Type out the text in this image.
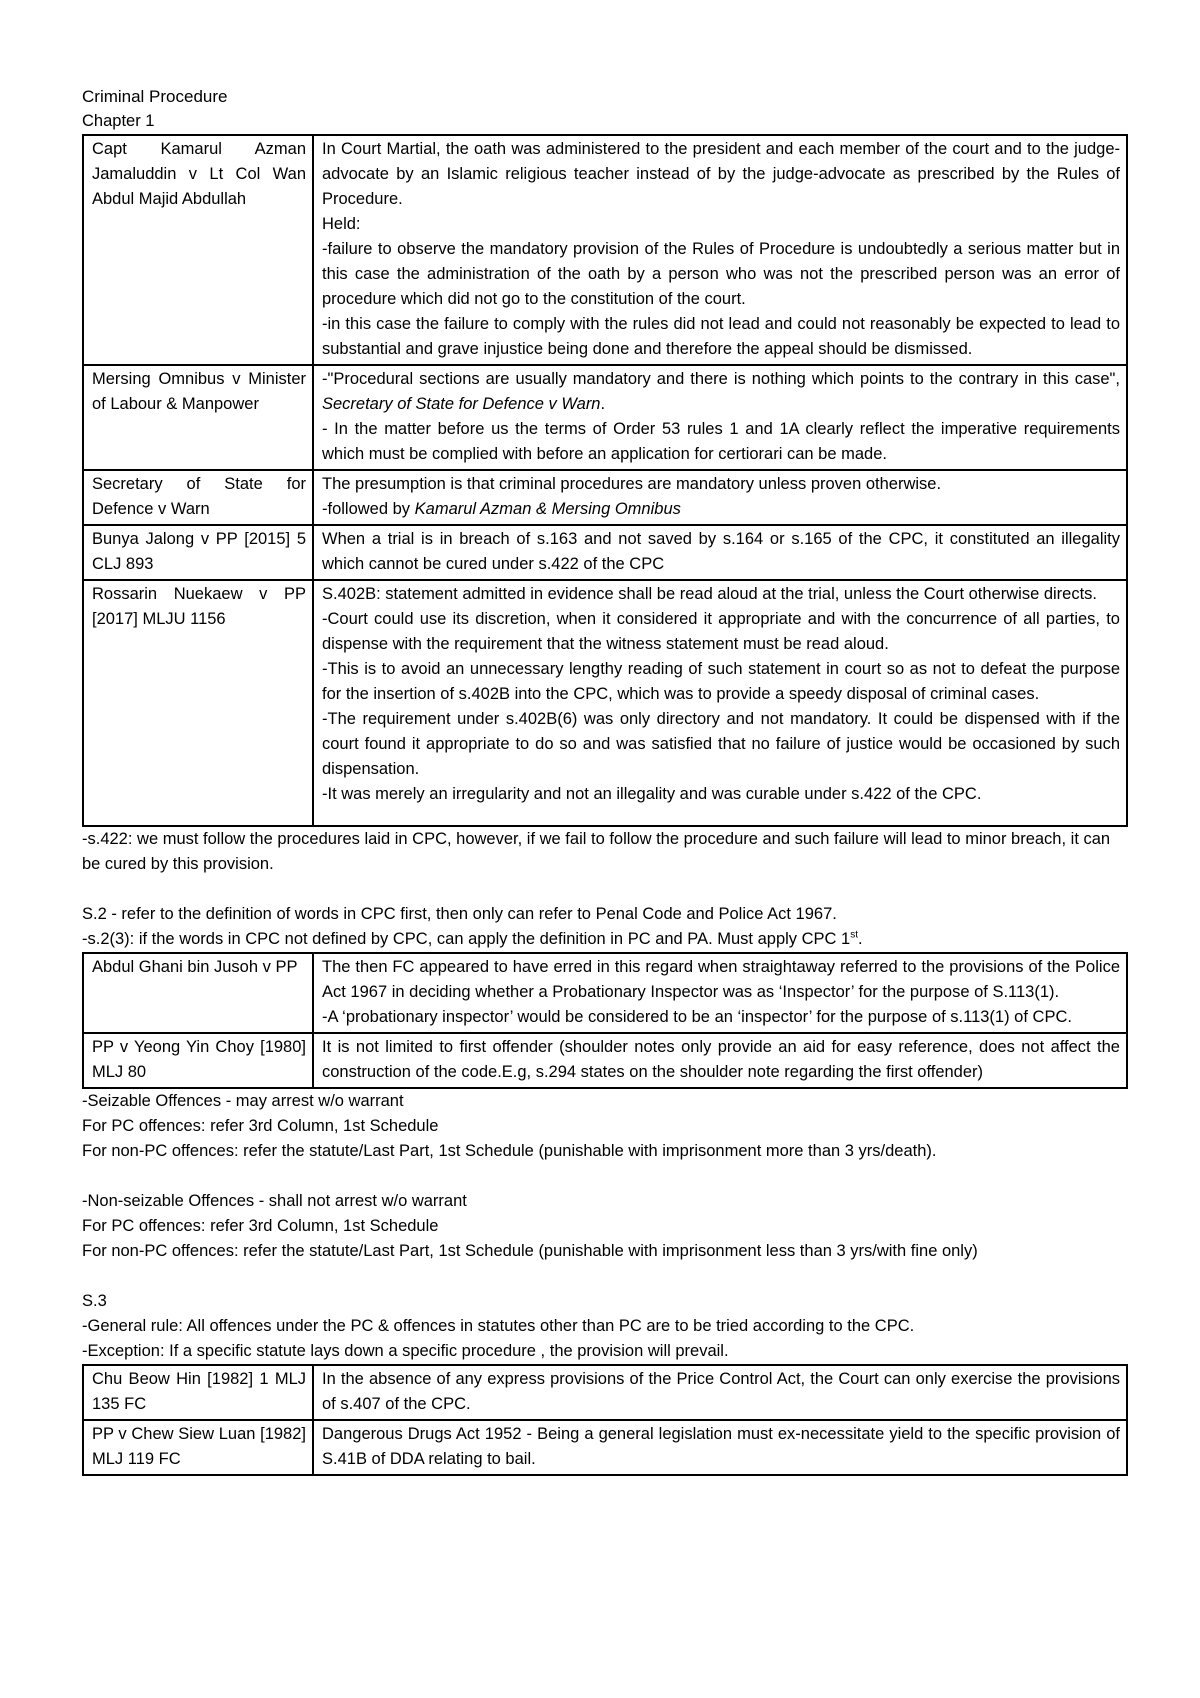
Criminal Procedure

Chapter 1

Capt Kamarul Azman Jamaluddin v Lt Col Wan Abdul Majid Abdullah	In Court Martial, the oath was administered to the president and each member of the court and to the judge-advocate by an Islamic religious teacher instead of by the judge-advocate as prescribed by the Rules of Procedure.

Held:

-failure to observe the mandatory provision of the Rules of Procedure is undoubtedly a serious matter but in this case the administration of the oath by a person who was not the prescribed person was an error of procedure which did not go to the constitution of the court.

-in this case the failure to comply with the rules did not lead and could not reasonably be expected to lead to substantial and grave injustice being done and therefore the appeal should be dismissed.

Mersing Omnibus v Minister of Labour & Manpower	-"Procedural sections are usually mandatory and there is nothing which points to the contrary in this case", Secretary of State for Defence v Warn.

- In the matter before us the terms of Order 53 rules 1 and 1A clearly reflect the imperative requirements which must be complied with before an application for certiorari can be made.

Secretary of State for Defence v Warn	The presumption is that criminal procedures are mandatory unless proven otherwise.

-followed by Kamarul Azman & Mersing Omnibus

Bunya Jalong v PP [2015] 5 CLJ 893	When a trial is in breach of s.163 and not saved by s.164 or s.165 of the CPC, it constituted an illegality which cannot be cured under s.422 of the CPC

Rossarin Nuekaew v PP [2017] MLJU 1156	S.402B: statement admitted in evidence shall be read aloud at the trial, unless the Court otherwise directs.

-Court could use its discretion, when it considered it appropriate and with the concurrence of all parties, to dispense with the requirement that the witness statement must be read aloud.

-This is to avoid an unnecessary lengthy reading of such statement in court so as not to defeat the purpose for the insertion of s.402B into the CPC, which was to provide a speedy disposal of criminal cases.

-The requirement under s.402B(6) was only directory and not mandatory. It could be dispensed with if the court found it appropriate to do so and was satisfied that no failure of justice would be occasioned by such dispensation.

-It was merely an irregularity and not an illegality and was curable under s.422 of the CPC.

-s.422: we must follow the procedures laid in CPC, however, if we fail to follow the procedure and such failure will lead to minor breach, it can be cured by this provision.

S.2 - refer to the definition of words in CPC first, then only can refer to Penal Code and Police Act 1967.

-s.2(3): if the words in CPC not defined by CPC, can apply the definition in PC and PA. Must apply CPC 1st.

Abdul Ghani bin Jusoh v PP	The then FC appeared to have erred in this regard when straightaway referred to the provisions of the Police Act 1967 in deciding whether a Probationary Inspector was as ‘Inspector’ for the purpose of S.113(1).

-A ‘probationary inspector’ would be considered to be an ‘inspector’ for the purpose of s.113(1) of CPC.

PP v Yeong Yin Choy [1980] MLJ 80	It is not limited to first offender (shoulder notes only provide an aid for easy reference, does not affect the construction of the code.E.g, s.294 states on the shoulder note regarding the first offender)

-Seizable Offences - may arrest w/o warrant

For PC offences: refer 3rd Column, 1st Schedule

For non-PC offences: refer the statute/Last Part, 1st Schedule (punishable with imprisonment more than 3 yrs/death).

-Non-seizable Offences - shall not arrest w/o warrant

For PC offences: refer 3rd Column, 1st Schedule

For non-PC offences: refer the statute/Last Part, 1st Schedule (punishable with imprisonment less than 3 yrs/with fine only)

S.3

-General rule: All offences under the PC & offences in statutes other than PC are to be tried according to the CPC.

-Exception: If a specific statute lays down a specific procedure , the provision will prevail.

Chu Beow Hin [1982] 1 MLJ 135 FC	In the absence of any express provisions of the Price Control Act, the Court can only exercise the provisions of s.407 of the CPC.

PP v Chew Siew Luan [1982] MLJ 119 FC	Dangerous Drugs Act 1952 - Being a general legislation must ex-necessitate yield to the specific provision of S.41B of DDA relating to bail.
